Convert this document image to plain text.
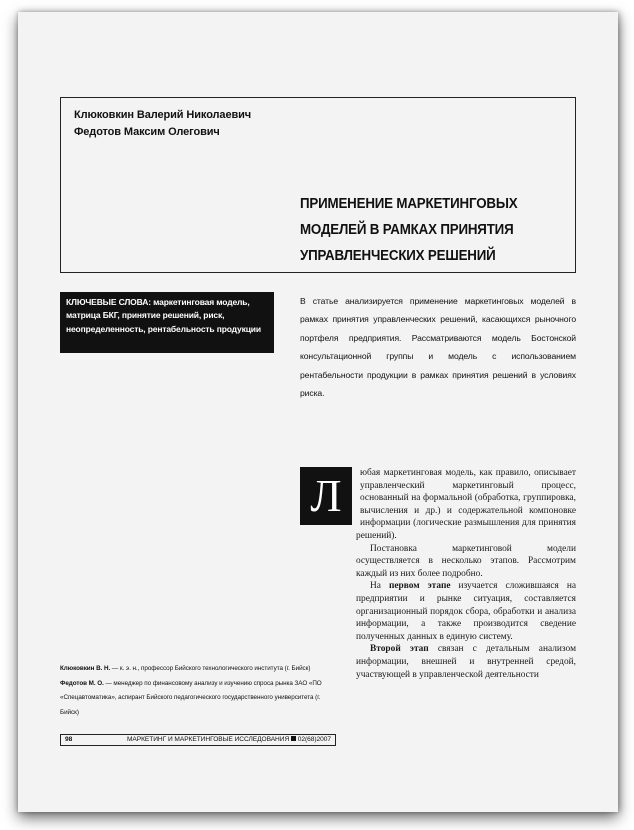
Клюковкин Валерий Николаевич
Федотов Максим Олегович
ПРИМЕНЕНИЕ МАРКЕТИНГОВЫХ
МОДЕЛЕЙ В РАМКАХ ПРИНЯТИЯ
УПРАВЛЕНЧЕСКИХ РЕШЕНИЙ
КЛЮЧЕВЫЕ СЛОВА: маркетинговая модель, матрица БКГ, принятие решений, риск, неопределенность, рентабельность продукции
В статье анализируется применение маркетинговых моделей в рамках принятия управленческих решений, касающихся рыночного портфеля предприятия. Рассматриваются модель Бостонской консультационной группы и модель с использованием рентабельности продукции в рамках принятия решений в условиях риска.

Л	юбая маркетинговая модель, как правило, описывает управленческий маркетинговый процесс, основанный на формальной (обработка, группировка, вычисления и др.) и содержательной компоновке информации (логические размышления для принятия решений).

Постановка маркетинговой модели осуществляется в несколько этапов. Рассмотрим каждый из них более подробно.

На первом этапе изучается сложившаяся на предприятии и рынке ситуация, составляется организационный порядок сбора, обработки и анализа информации, а также производится сведение полученных данных в единую систему.

Второй этап связан с детальным анализом информации, внешней и внутренней средой, участвующей в управленческой деятельности

Клюковкин В. Н. — к. э. н., профессор Бийского технологического института (г. Бийск)
Федотов М. О. — менеджер по финансовому анализу и изучению спроса рынка ЗАО «ПО «Спецавтоматика», аспирант Бийского педагогического государственного университета (г. Бийск)
98	МАРКЕТИНГ И МАРКЕТИНГОВЫЕ ИССЛЕДОВАНИЯ 02(68)2007
